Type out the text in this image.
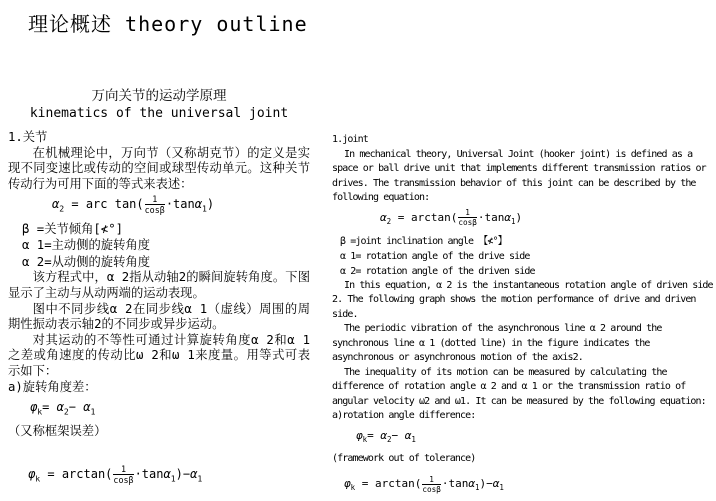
理论概述 theory outline
万向关节的运动学原理
kinematics of the universal joint
1.关节

在机械理论中，万向节（又称胡克节）的定义是实现不同变速比或传动的空间或球型传动单元。这种关节传动行为可用下面的等式来表述：

$\alpha_2$ = arc $\tan( \frac{1}{\cos\beta} \cdot\tan\alpha_1)$
β =关节倾角[≮°]
α 1=主动侧的旋转角度
α 2=从动侧的旋转角度

该方程式中，α 2指从动轴2的瞬间旋转角度。下图显示了主动与从动两端的运动表现。

图中不同步线α 2在同步线α 1（虚线）周围的周期性振动表示轴2的不同步或异步运动。

对其运动的不等性可通过计算旋转角度α 2和α 1之差或角速度的传动比ω 2和ω 1来度量。用等式可表示如下：

a)旋转角度差：
$\varphi_k= \alpha_2- \alpha_1$
（又称框架误差）
$\varphi_k = \arctan( \frac{1}{\cos\beta} \cdot\tan\alpha_1)-\alpha_1$
1.joint

In mechanical theory, Universal Joint (hooker joint) is defined as a space or ball drive unit that implements different transmission ratios or drives. The transmission behavior of this joint can be described by the following equation:

$\alpha_2 = \arctan( \frac{1}{\cos\beta} \cdot\tan\alpha_1)$
β =joint inclination angle 【≮°】
α 1= rotation angle of the drive side
α 2= rotation angle of the driven side

In this equation, α 2 is the instantaneous rotation angle of driven side 2. The following graph shows the motion performance of drive and driven side.

The periodic vibration of the asynchronous line α 2 around the synchronous line α 1 (dotted line) in the figure indicates the asynchronous or asynchronous motion of the axis2.

The inequality of its motion can be measured by calculating the difference of rotation angle α 2 and α 1 or the transmission ratio of angular velocity ω2 and ω1. It can be measured by the following equation:

a)rotation angle difference:
$\varphi_k= \alpha_2- \alpha_1$
(framework out of tolerance)
$\varphi_k = \arctan( \frac{1}{\cos\beta} \cdot\tan\alpha_1)-\alpha_1$
